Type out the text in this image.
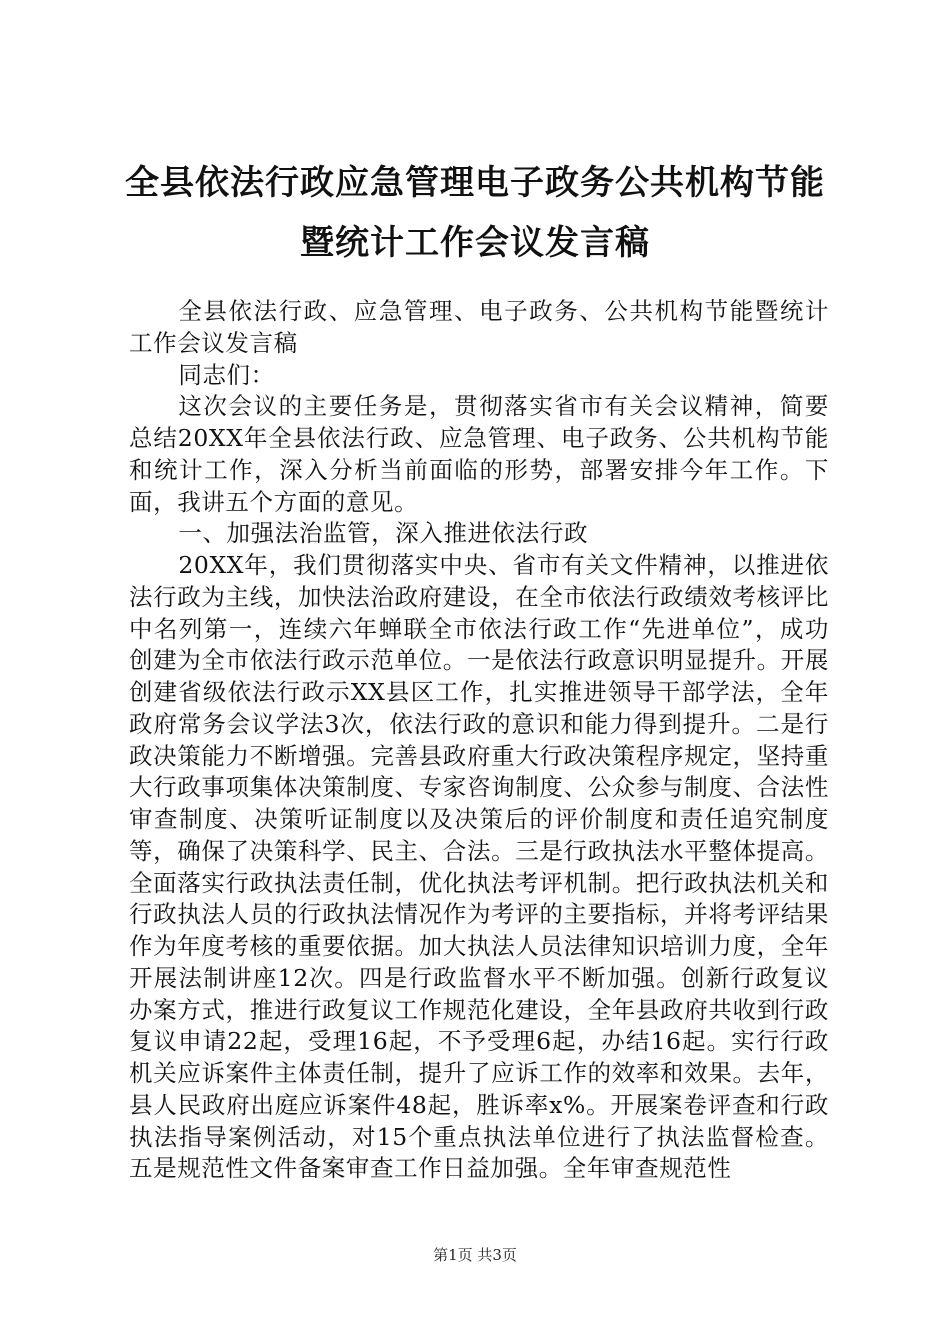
全县依法行政应急管理电子政务公共机构节能
暨统计工作会议发言稿

全县依法行政、应急管理、电子政务、公共机构节能暨统计工作会议发言稿

同志们：

这次会议的主要任务是，贯彻落实省市有关会议精神，简要总结20XX年全县依法行政、应急管理、电子政务、公共机构节能和统计工作，深入分析当前面临的形势，部署安排今年工作。下面，我讲五个方面的意见。

一、加强法治监管，深入推进依法行政

20XX年，我们贯彻落实中央、省市有关文件精神，以推进依法行政为主线，加快法治政府建设，在全市依法行政绩效考核评比中名列第一，连续六年蝉联全市依法行政工作“先进单位”，成功创建为全市依法行政示范单位。一是依法行政意识明显提升。开展创建省级依法行政示XX县区工作，扎实推进领导干部学法，全年政府常务会议学法3次，依法行政的意识和能力得到提升。二是行政决策能力不断增强。完善县政府重大行政决策程序规定，坚持重大行政事项集体决策制度、专家咨询制度、公众参与制度、合法性审查制度、决策听证制度以及决策后的评价制度和责任追究制度等，确保了决策科学、民主、合法。三是行政执法水平整体提高。全面落实行政执法责任制，优化执法考评机制。把行政执法机关和行政执法人员的行政执法情况作为考评的主要指标，并将考评结果作为年度考核的重要依据。加大执法人员法律知识培训力度，全年开展法制讲座12次。四是行政监督水平不断加强。创新行政复议办案方式，推进行政复议工作规范化建设，全年县政府共收到行政复议申请22起，受理16起，不予受理6起，办结16起。实行行政机关应诉案件主体责任制，提升了应诉工作的效率和效果。去年，县人民政府出庭应诉案件48起，胜诉率x%。开展案卷评查和行政执法指导案例活动，对15个重点执法单位进行了执法监督检查。五是规范性文件备案审查工作日益加强。全年审查规范性

第1页 共3页
